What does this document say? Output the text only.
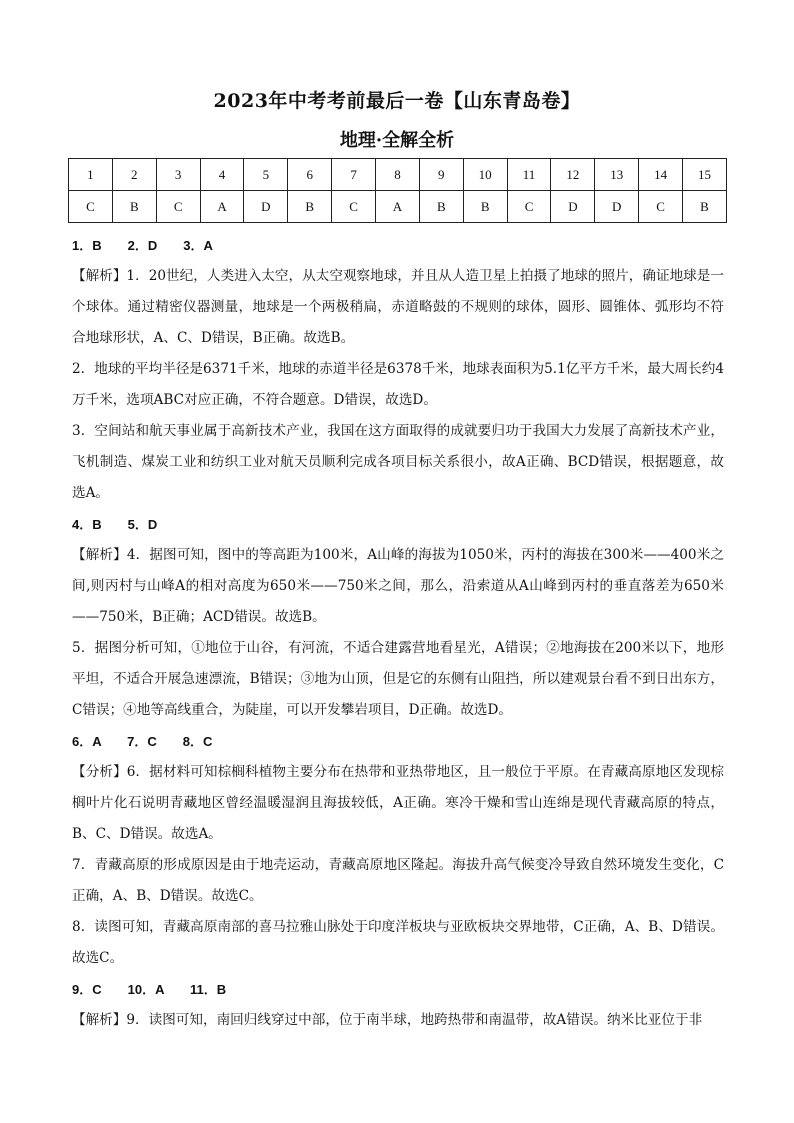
2023年中考考前最后一卷【山东青岛卷】
地理·全解全析
1	2	3	4	5	6	7	8	9	10	11	12	13	14	15
C	B	C	A	D	B	C	A	B	B	C	D	D	C	B

1．B　　2．D　　3．A

【解析】1．20世纪，人类进入太空，从太空观察地球，并且从人造卫星上拍摄了地球的照片，确证地球是一个球体。通过精密仪器测量，地球是一个两极稍扁，赤道略鼓的不规则的球体，圆形、圆锥体、弧形均不符合地球形状，A、C、D错误，B正确。故选B。

2．地球的平均半径是6371千米，地球的赤道半径是6378千米，地球表面积为5.1亿平方千米，最大周长约4万千米，选项ABC对应正确，不符合题意。D错误，故选D。

3．空间站和航天事业属于高新技术产业，我国在这方面取得的成就要归功于我国大力发展了高新技术产业，飞机制造、煤炭工业和纺织工业对航天员顺利完成各项目标关系很小，故A正确、BCD错误，根据题意，故选A。

4．B　　5．D

【解析】4．据图可知，图中的等高距为100米，A山峰的海拔为1050米，丙村的海拔在300米——400米之间,则丙村与山峰A的相对高度为650米——750米之间，那么，沿索道从A山峰到丙村的垂直落差为650米——750米，B正确；ACD错误。故选B。

5．据图分析可知，①地位于山谷，有河流，不适合建露营地看星光，A错误；②地海拔在200米以下，地形平坦，不适合开展急速漂流，B错误；③地为山顶，但是它的东侧有山阻挡，所以建观景台看不到日出东方，C错误；④地等高线重合，为陡崖，可以开发攀岩项目，D正确。故选D。

6．A　　7．C　　8．C

【分析】6．据材料可知棕榈科植物主要分布在热带和亚热带地区，且一般位于平原。在青藏高原地区发现棕榈叶片化石说明青藏地区曾经温暖湿润且海拔较低，A正确。寒冷干燥和雪山连绵是现代青藏高原的特点，B、C、D错误。故选A。

7．青藏高原的形成原因是由于地壳运动，青藏高原地区隆起。海拔升高气候变冷导致自然环境发生变化，C正确，A、B、D错误。故选C。

8．读图可知，青藏高原南部的喜马拉雅山脉处于印度洋板块与亚欧板块交界地带，C正确，A、B、D错误。故选C。

9．C　　10．A　　11．B

【解析】9．读图可知，南回归线穿过中部，位于南半球，地跨热带和南温带，故A错误。纳米比亚位于非
